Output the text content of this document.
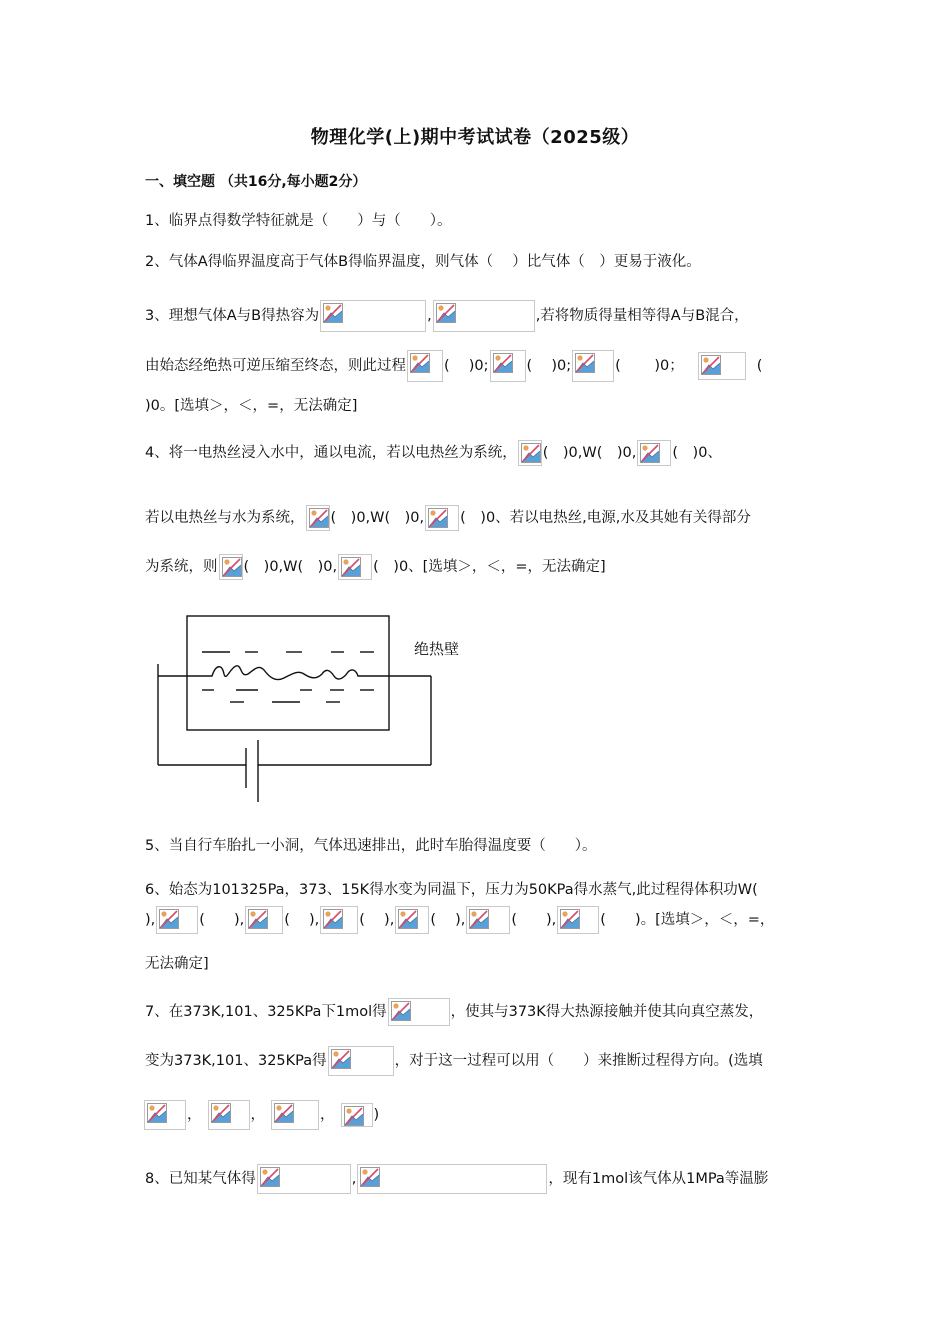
物理化学(上)期中考试试卷（2025级）
一、填空题 （共16分,每小题2分）
1、临界点得数学特征就是（　　）与（　　）。
2、气体A得临界温度高于气体B得临界温度，则气体（　 ）比气体（　）更易于液化。
3、理想气体A与B得热容为	,	,若将物质得量相等得A与B混合，
由始态经绝热可逆压缩至终态，则此过程	(　 )0;	(　 )0;	(　　 )0；	(
)0。[选填＞，＜，=，无法确定]
4、将一电热丝浸入水中，通以电流，若以电热丝为系统， (　)0,W(　)0, (　)0、
若以电热丝与水为系统， (　)0,W(　)0, (　)0、若以电热丝,电源,水及其她有关得部分
为系统，则 (　)0,W(　)0, (　)0、[选填＞，＜，=，无法确定]
绝热壁
5、当自行车胎扎一小洞，气体迅速排出，此时车胎得温度要（　　）。
6、始态为101325Pa，373、15K得水变为同温下，压力为50KPa得水蒸气,此过程得体积功W(
),	(　　),	(　 ),	(　 ), (　 ),	(　　),	(　　)。[选填＞，＜，=，
无法确定]
7、在373K,101、325KPa下1mol得	，使其与373K得大热源接触并使其向真空蒸发，
变为373K,101、325KPa得	，对于这一过程可以用（　　）来推断过程得方向。(选填
，	，	，	)
8、已知某气体得	,	，现有1mol该气体从1MPa等温膨
